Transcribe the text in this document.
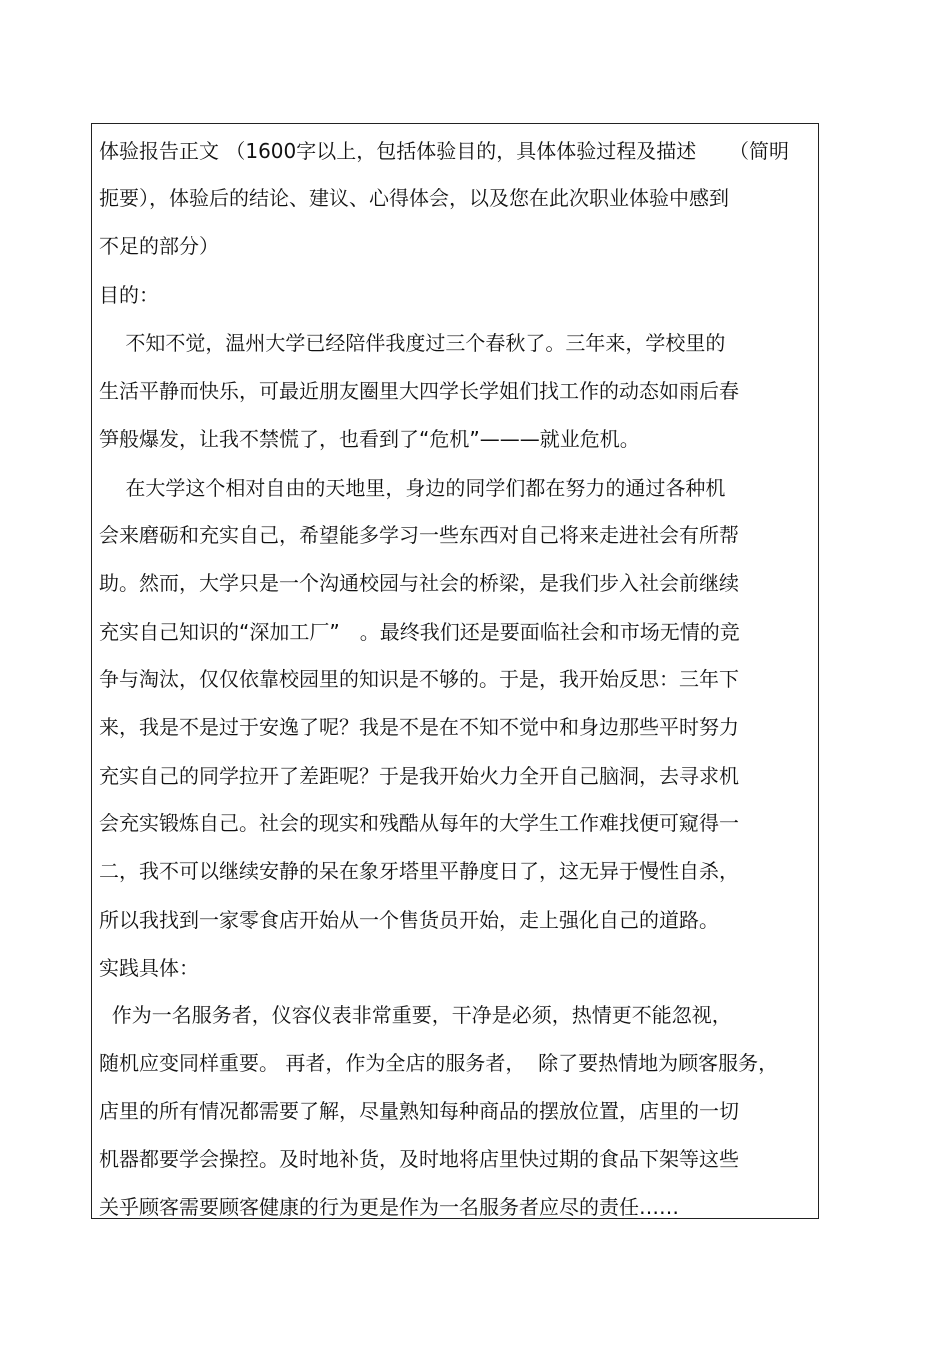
体验报告正文 （1600字以上，包括体验目的，具体体验过程及描述　  （简明
扼要），体验后的结论、建议、心得体会，以及您在此次职业体验中感到
不足的部分）
目的：
　 不知不觉，温州大学已经陪伴我度过三个春秋了。三年来，学校里的
生活平静而快乐，可最近朋友圈里大四学长学姐们找工作的动态如雨后春
笋般爆发，让我不禁慌了，也看到了“危机”———就业危机。
　 在大学这个相对自由的天地里，身边的同学们都在努力的通过各种机
会来磨砺和充实自己，希望能多学习一些东西对自己将来走进社会有所帮
助。然而，大学只是一个沟通校园与社会的桥梁，是我们步入社会前继续
充实自己知识的“深加工厂”　。最终我们还是要面临社会和市场无情的竞
争与淘汰，仅仅依靠校园里的知识是不够的。于是，我开始反思：三年下
来，我是不是过于安逸了呢？我是不是在不知不觉中和身边那些平时努力
充实自己的同学拉开了差距呢？于是我开始火力全开自己脑洞，去寻求机
会充实锻炼自己。社会的现实和残酷从每年的大学生工作难找便可窥得一
二，我不可以继续安静的呆在象牙塔里平静度日了，这无异于慢性自杀，
所以我找到一家零食店开始从一个售货员开始，走上强化自己的道路。
实践具体：
作为一名服务者，仪容仪表非常重要，干净是必须，热情更不能忽视，
随机应变同样重要。 再者，作为全店的服务者，  除了要热情地为顾客服务，
店里的所有情况都需要了解，尽量熟知每种商品的摆放位置，店里的一切
机器都要学会操控。及时地补货，及时地将店里快过期的食品下架等这些
关乎顾客需要顾客健康的行为更是作为一名服务者应尽的责任……
